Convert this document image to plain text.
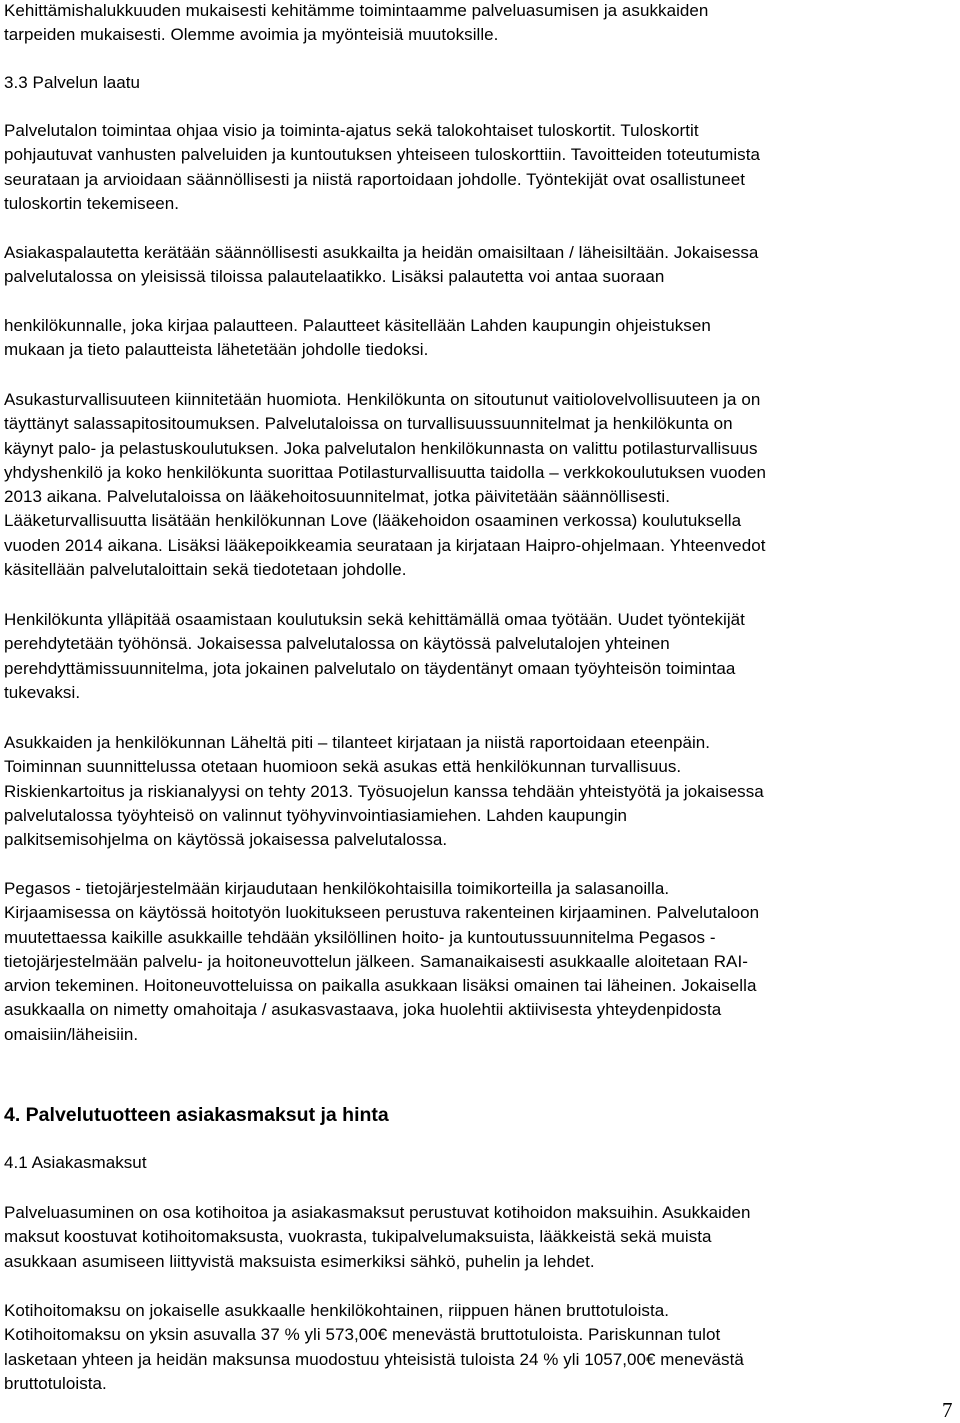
4. Palvelutuotteen asiakasmaksut ja hinta
Kehittämishalukkuuden mukaisesti kehitämme toimintaamme palveluasumisen ja asukkaiden
tarpeiden mukaisesti. Olemme avoimia ja myönteisiä muutoksille.
3.3 Palvelun laatu
Palvelutalon toimintaa ohjaa visio ja toiminta-ajatus sekä talokohtaiset tuloskortit. Tuloskortit
pohjautuvat vanhusten palveluiden ja kuntoutuksen yhteiseen tuloskorttiin. Tavoitteiden toteutumista
seurataan ja arvioidaan säännöllisesti ja niistä raportoidaan johdolle. Työntekijät ovat osallistuneet
tuloskortin tekemiseen.
Asiakaspalautetta kerätään säännöllisesti asukkailta ja heidän omaisiltaan / läheisiltään. Jokaisessa
palvelutalossa on yleisissä tiloissa palautelaatikko. Lisäksi palautetta voi antaa suoraan
henkilökunnalle, joka kirjaa palautteen. Palautteet käsitellään Lahden kaupungin ohjeistuksen
mukaan ja tieto palautteista lähetetään johdolle tiedoksi.
Asukasturvallisuuteen kiinnitetään huomiota. Henkilökunta on sitoutunut vaitiolovelvollisuuteen ja on
täyttänyt salassapitositoumuksen. Palvelutaloissa on turvallisuussuunnitelmat ja henkilökunta on
käynyt palo- ja pelastuskoulutuksen. Joka palvelutalon henkilökunnasta on valittu potilasturvallisuus
yhdyshenkilö ja koko henkilökunta suorittaa Potilasturvallisuutta taidolla – verkkokoulutuksen vuoden
2013 aikana. Palvelutaloissa on lääkehoitosuunnitelmat, jotka päivitetään säännöllisesti.
Lääketurvallisuutta lisätään henkilökunnan Love (lääkehoidon osaaminen verkossa) koulutuksella
vuoden 2014 aikana. Lisäksi lääkepoikkeamia seurataan ja kirjataan Haipro-ohjelmaan. Yhteenvedot
käsitellään palvelutaloittain sekä tiedotetaan johdolle.
Henkilökunta ylläpitää osaamistaan koulutuksin sekä kehittämällä omaa työtään. Uudet työntekijät
perehdytetään työhönsä. Jokaisessa palvelutalossa on käytössä palvelutalojen yhteinen
perehdyttämissuunnitelma, jota jokainen palvelutalo on täydentänyt omaan työyhteisön toimintaa
tukevaksi.
Asukkaiden ja henkilökunnan Läheltä piti – tilanteet kirjataan ja niistä raportoidaan eteenpäin.
Toiminnan suunnittelussa otetaan huomioon sekä asukas että henkilökunnan turvallisuus.
Riskienkartoitus ja riskianalyysi on tehty 2013. Työsuojelun kanssa tehdään yhteistyötä ja jokaisessa
palvelutalossa työyhteisö on valinnut työhyvinvointiasiamiehen. Lahden kaupungin
palkitsemisohjelma on käytössä jokaisessa palvelutalossa.
Pegasos - tietojärjestelmään kirjaudutaan henkilökohtaisilla toimikorteilla ja salasanoilla.
Kirjaamisessa on käytössä hoitotyön luokitukseen perustuva rakenteinen kirjaaminen. Palvelutaloon
muutettaessa kaikille asukkaille tehdään yksilöllinen hoito- ja kuntoutussuunnitelma Pegasos -
tietojärjestelmään palvelu- ja hoitoneuvottelun jälkeen. Samanaikaisesti asukkaalle aloitetaan RAI-
arvion tekeminen. Hoitoneuvotteluissa on paikalla asukkaan lisäksi omainen tai läheinen. Jokaisella
asukkaalla on nimetty omahoitaja / asukasvastaava, joka huolehtii aktiivisesta yhteydenpidosta
omaisiin/läheisiin.
4.1 Asiakasmaksut
Palveluasuminen on osa kotihoitoa ja asiakasmaksut perustuvat kotihoidon maksuihin. Asukkaiden
maksut koostuvat kotihoitomaksusta, vuokrasta, tukipalvelumaksuista, lääkkeistä sekä muista
asukkaan asumiseen liittyvistä maksuista esimerkiksi sähkö, puhelin ja lehdet.
Kotihoitomaksu on jokaiselle asukkaalle henkilökohtainen, riippuen hänen bruttotuloista.
Kotihoitomaksu on yksin asuvalla 37 % yli 573,00€ menevästä bruttotuloista. Pariskunnan tulot
lasketaan yhteen ja heidän maksunsa muodostuu yhteisistä tuloista 24 % yli 1057,00€ menevästä
bruttotuloista.
7
